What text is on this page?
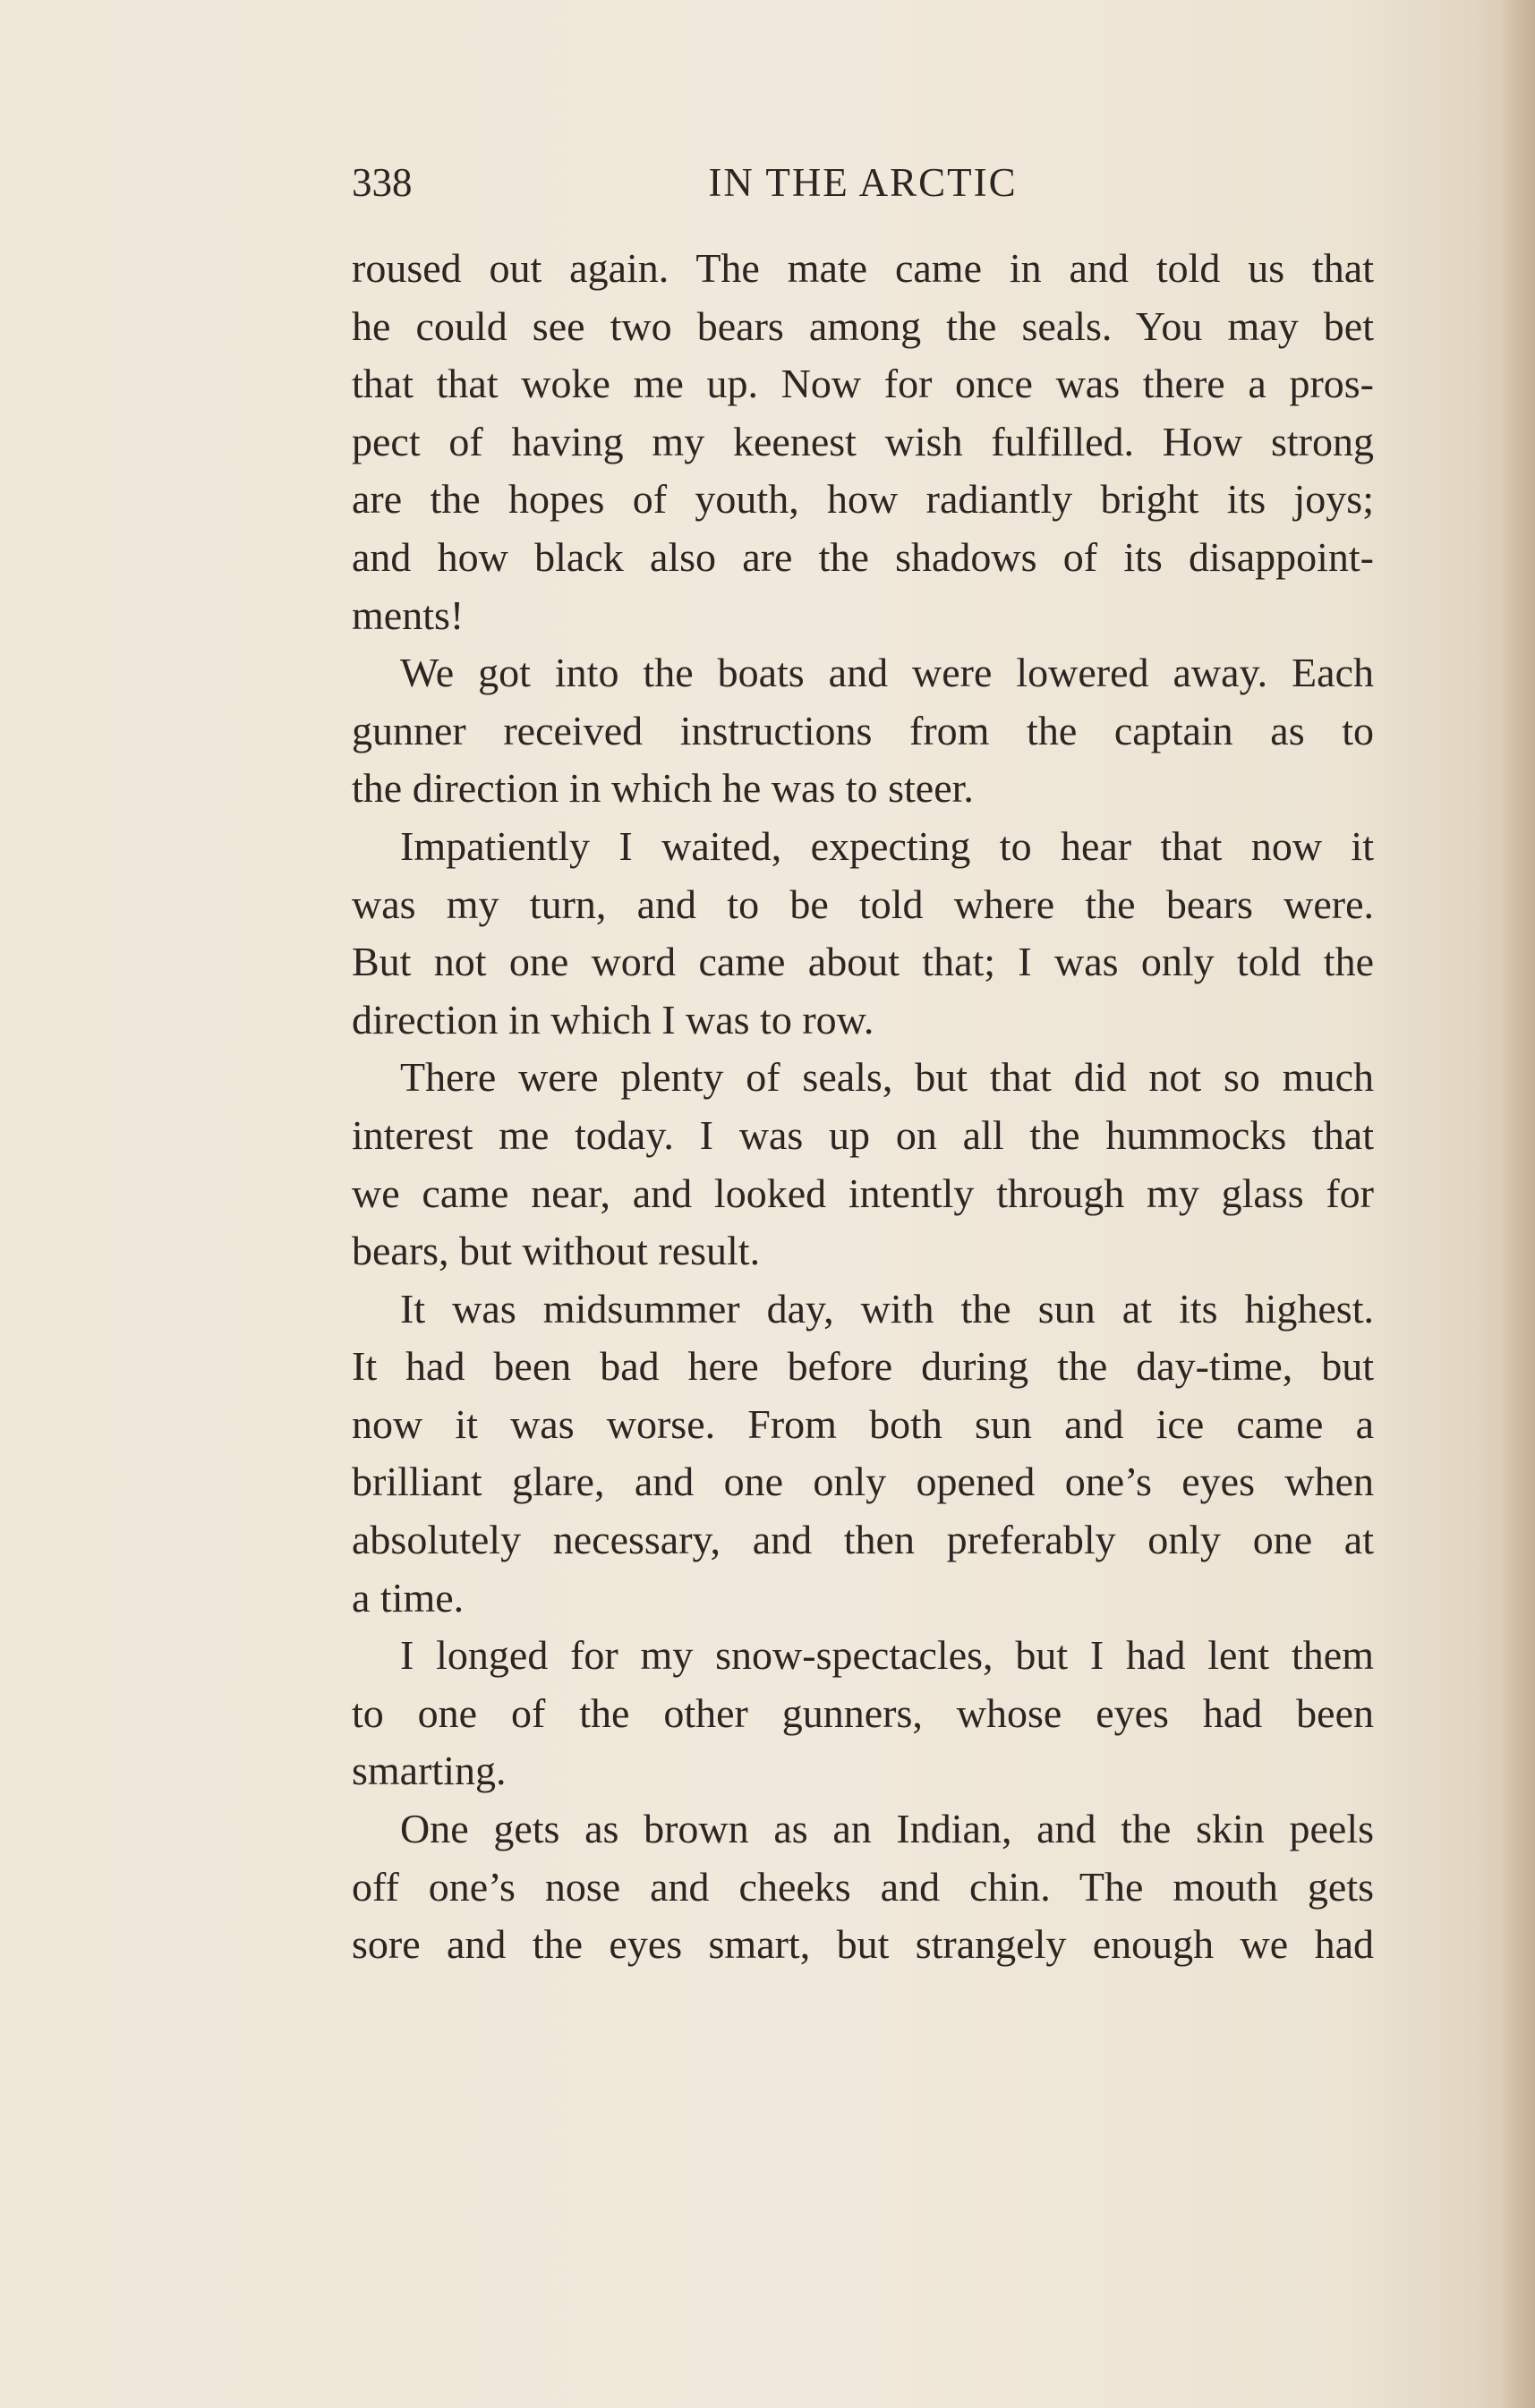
338	IN THE ARCTIC
roused out again. The mate came in and told us that
he could see two bears among the seals. You may bet
that that woke me up. Now for once was there a pros-
pect of having my keenest wish fulfilled. How strong
are the hopes of youth, how radiantly bright its joys;
and how black also are the shadows of its disappoint-
ments!
We got into the boats and were lowered away. Each
gunner received instructions from the captain as to
the direction in which he was to steer.
Impatiently I waited, expecting to hear that now it
was my turn, and to be told where the bears were.
But not one word came about that; I was only told the
direction in which I was to row.
There were plenty of seals, but that did not so much
interest me today. I was up on all the hummocks that
we came near, and looked intently through my glass for
bears, but without result.
It was midsummer day, with the sun at its highest.
It had been bad here before during the day-time, but
now it was worse. From both sun and ice came a
brilliant glare, and one only opened one’s eyes when
absolutely necessary, and then preferably only one at
a time.
I longed for my snow-spectacles, but I had lent them
to one of the other gunners, whose eyes had been
smarting.
One gets as brown as an Indian, and the skin peels
off one’s nose and cheeks and chin. The mouth gets
sore and the eyes smart, but strangely enough we had
